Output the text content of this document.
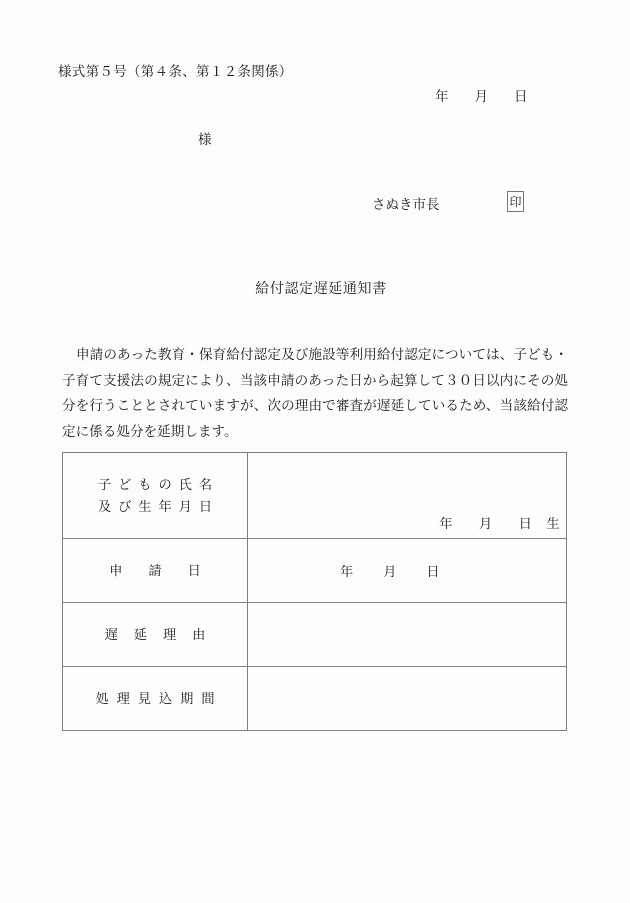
様式第５号（第４条、第１２条関係）
年 月 日
様
さぬき市長	印
給付認定遅延通知書
申請のあった教育・保育給付認定及び施設等利用給付認定については、子ども・子育て支援法の規定により、当該申請のあった日から起算して３０日以内にその処分を行うこととされていますが、次の理由で審査が遅延しているため、当該給付認定に係る処分を延期します。
子どもの氏名
及び生年月日	年 月 日 生

申請日	年 月 日

遅延理由	

処理見込期間	
